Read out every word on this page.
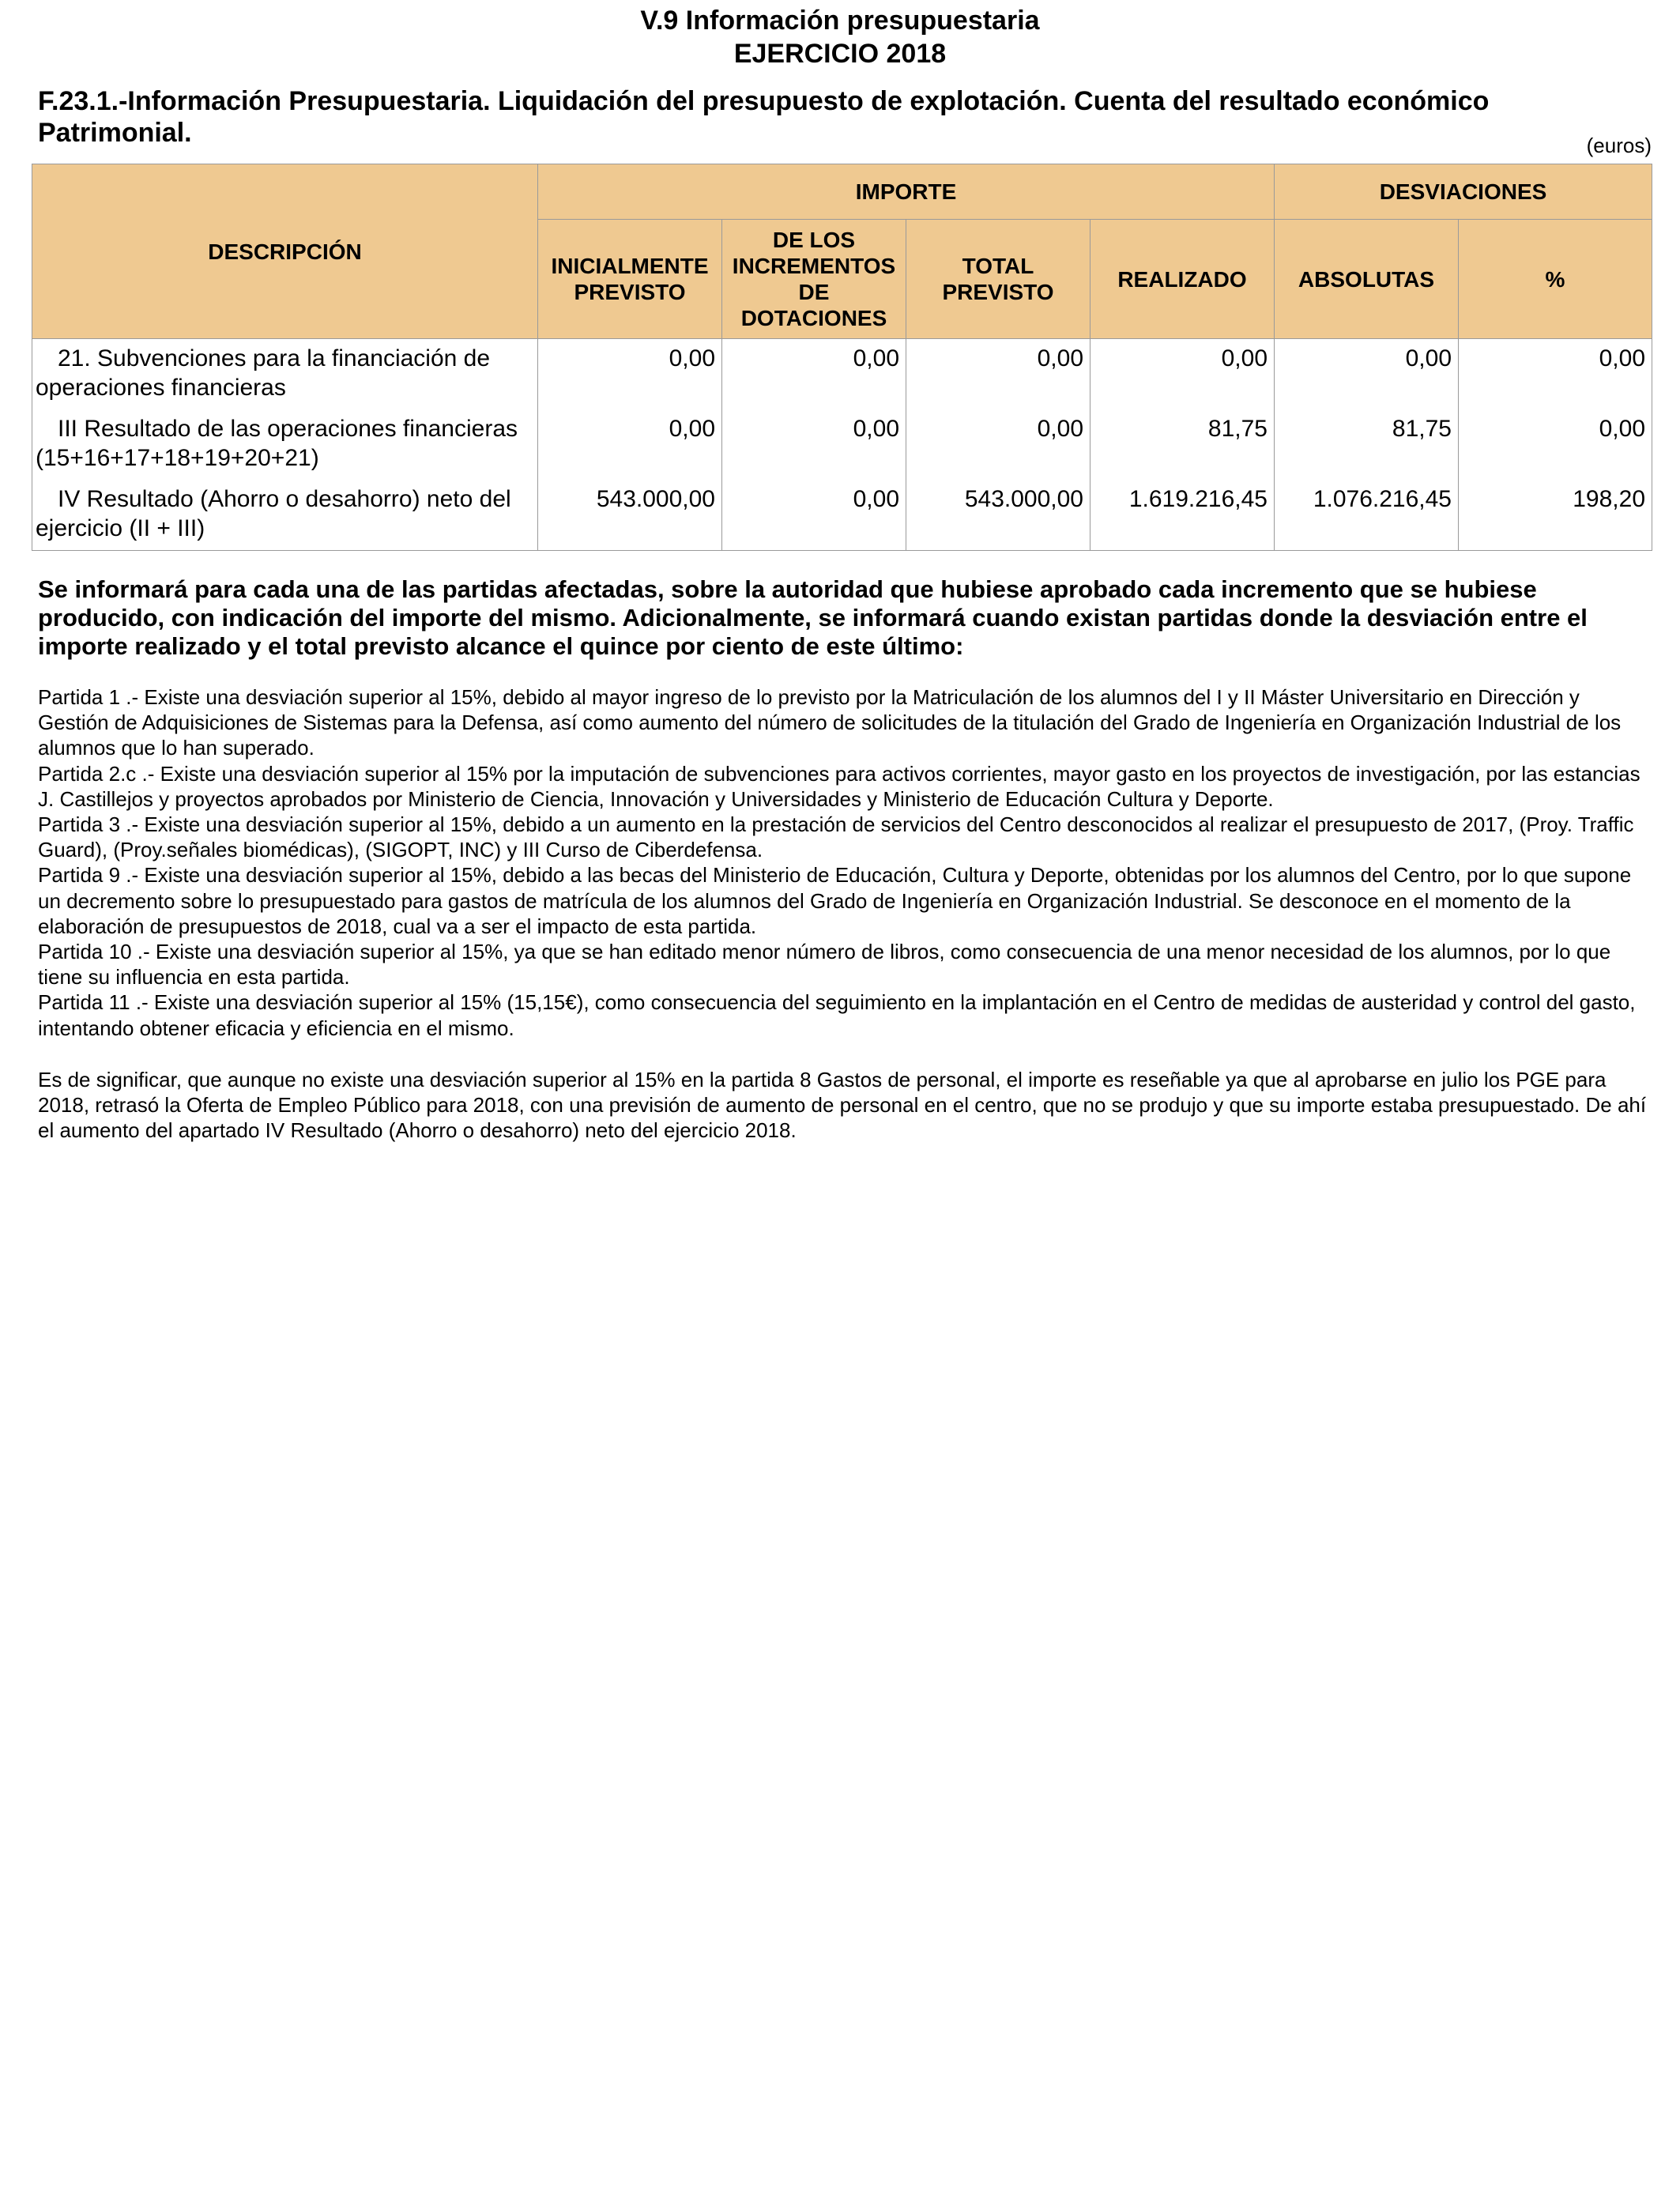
V.9 Información presupuestaria
EJERCICIO 2018
F.23.1.-Información Presupuestaria. Liquidación del presupuesto de explotación. Cuenta del resultado económico Patrimonial.	(euros)
DESCRIPCIÓN	IMPORTE				DESVIACIONES	
	INICIALMENTE PREVISTO	DE LOS INCREMENTOS DE DOTACIONES	TOTAL PREVISTO	REALIZADO	ABSOLUTAS	%
21. Subvenciones para la financiación de operaciones financieras	0,00	0,00	0,00	0,00	0,00	0,00
III Resultado de las operaciones financieras (15+16+17+18+19+20+21)	0,00	0,00	0,00	81,75	81,75	0,00
IV Resultado (Ahorro o desahorro) neto del ejercicio (II + III)	543.000,00	0,00	543.000,00	1.619.216,45	1.076.216,45	198,20
Se informará para cada una de las partidas afectadas, sobre la autoridad que hubiese aprobado cada incremento que se hubiese producido, con indicación del importe del mismo. Adicionalmente, se informará cuando existan partidas donde la desviación entre el importe realizado y el total previsto alcance el quince por ciento de este último:

Partida 1 .- Existe una desviación superior al 15%, debido al mayor ingreso de lo previsto por la Matriculación de los alumnos del I y II Máster Universitario en Dirección y Gestión de Adquisiciones de Sistemas para la Defensa, así como aumento del número de solicitudes de la titulación del Grado de Ingeniería en Organización Industrial de los alumnos que lo han superado.

Partida 2.c .- Existe una desviación superior al 15% por la imputación de subvenciones para activos corrientes, mayor gasto en los proyectos de investigación, por las estancias J. Castillejos y proyectos aprobados por Ministerio de Ciencia, Innovación y Universidades y Ministerio de Educación Cultura y Deporte.

Partida 3 .- Existe una desviación superior al 15%, debido a un aumento en la prestación de servicios del Centro desconocidos al realizar el presupuesto de 2017, (Proy. Traffic Guard), (Proy.señales biomédicas), (SIGOPT, INC) y III Curso de Ciberdefensa.

Partida 9 .- Existe una desviación superior al 15%, debido a las becas del Ministerio de Educación, Cultura y Deporte, obtenidas por los alumnos del Centro, por lo que supone un decremento sobre lo presupuestado para gastos de matrícula de los alumnos del Grado de Ingeniería en Organización Industrial. Se desconoce en el momento de la elaboración de presupuestos de 2018, cual va a ser el impacto de esta partida.

Partida 10 .- Existe una desviación superior al 15%, ya que se han editado menor número de libros, como consecuencia de una menor necesidad de los alumnos, por lo que tiene su influencia en esta partida.

Partida 11 .- Existe una desviación superior al 15% (15,15€), como consecuencia del seguimiento en la implantación en el Centro de medidas de austeridad y control del gasto, intentando obtener eficacia y eficiencia en el mismo.

Es de significar, que aunque no existe una desviación superior al 15% en la partida 8 Gastos de personal, el importe es reseñable ya que al aprobarse en julio los PGE para 2018, retrasó la Oferta de Empleo Público para 2018, con una previsión de aumento de personal en el centro, que no se produjo y que su importe estaba presupuestado. De ahí el aumento del apartado IV Resultado (Ahorro o desahorro) neto del ejercicio 2018.
